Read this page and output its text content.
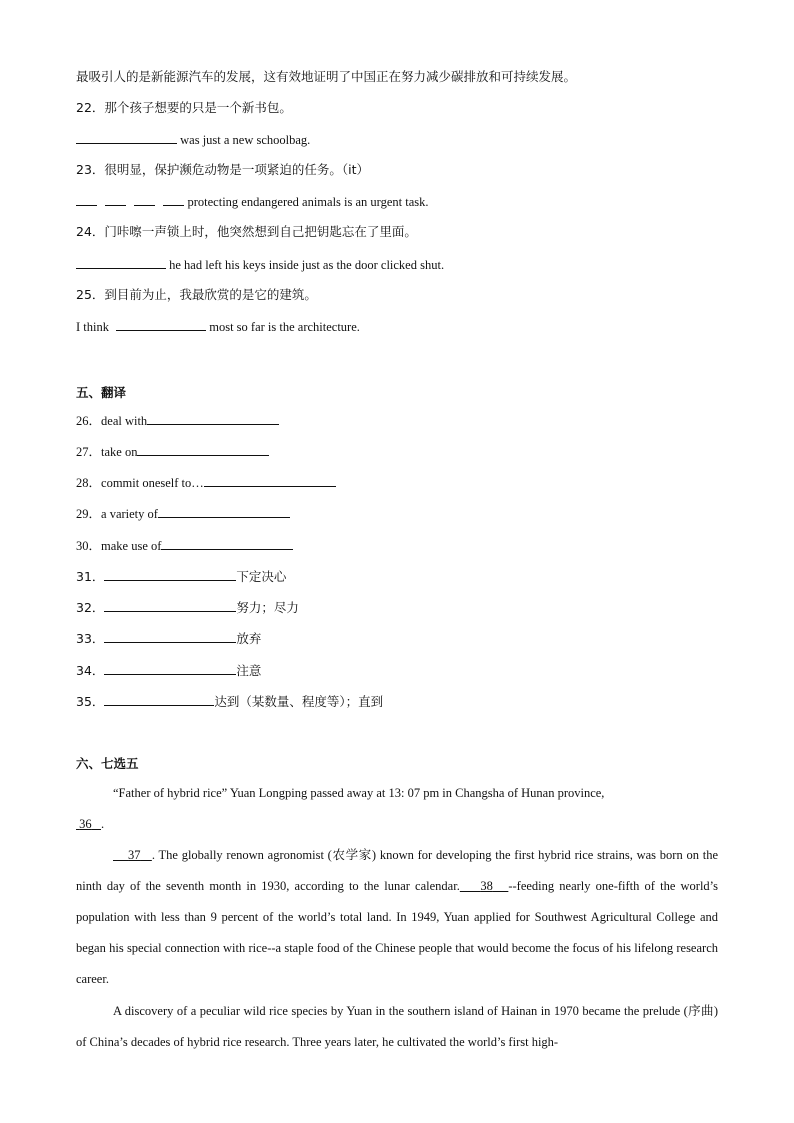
最吸引人的是新能源汽车的发展，这有效地证明了中国正在努力减少碳排放和可持续发展。
22．那个孩子想要的只是一个新书包。
was just a new schoolbag.
23．很明显，保护濒危动物是一项紧迫的任务。（it）
protecting endangered animals is an urgent task.
24．门咔嚓一声锁上时，他突然想到自己把钥匙忘在了里面。
he had left his keys inside just as the door clicked shut.
25．到目前为止，我最欣赏的是它的建筑。
I think	most so far is the architecture.
五、翻译
26．deal with
27．take on
28．commit oneself to…
29．a variety of
30．make use of
31．	下定决心
32．	努力；尽力
33．	放弃
34．	注意
35．	达到（某数量、程度等）；直到
六、七选五
“Father of hybrid rice” Yuan Longping passed away at 13: 07 pm in Changsha of Hunan province,
36 .
37 . The globally renown agronomist (农学家) known for developing the first hybrid rice strains, was born on the ninth day of the seventh month in 1930, according to the lunar calendar. 38 --feeding nearly one-fifth of the world’s population with less than 9 percent of the world’s total land. In 1949, Yuan applied for Southwest Agricultural College and began his special connection with rice--a staple food of the Chinese people that would become the focus of his lifelong research career.
A discovery of a peculiar wild rice species by Yuan in the southern island of Hainan in 1970 became the prelude (序曲) of China’s decades of hybrid rice research. Three years later, he cultivated the world’s first high-
